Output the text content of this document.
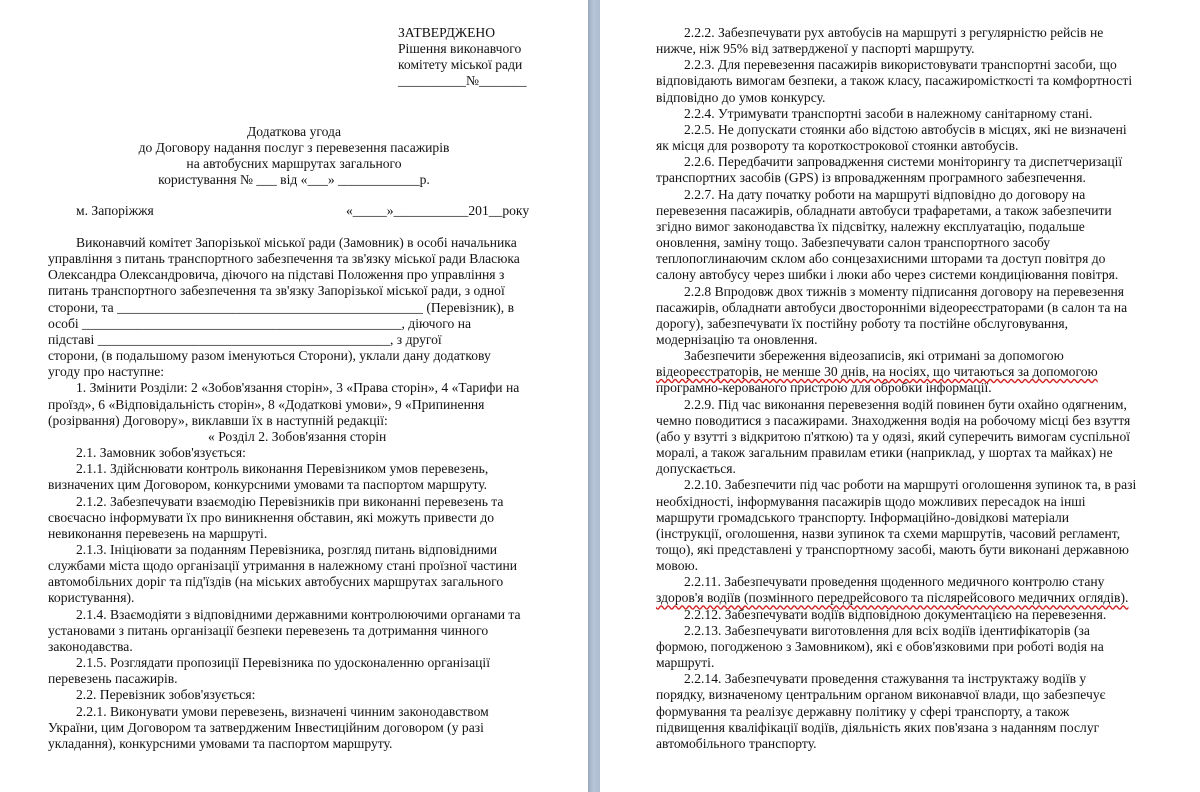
ЗАТВЕРДЖЕНО
Рішення виконавчого
комітету міської ради
__________№_______
Додаткова угода
до Договору надання послуг з перевезення пасажирів
на автобусних маршрутах загального
користування № ___ від «___» ____________р.
м. Запоріжжя	«_____»___________201__року
Виконавчий комітет Запорізької міської ради (Замовник) в особі начальника
управління з питань транспортного забезпечення та зв'язку міської ради Власюка
Олександра Олександровича, діючого на підставі Положення про управління з
питань транспортного забезпечення та зв'язку Запорізької міської ради, з одної
сторони, та _____________________________________________ (Перевізник), в
особі _______________________________________________, діючого на
підставі ___________________________________________, з другої
сторони, (в подальшому разом іменуються Сторони), уклали дану додаткову
угоду про наступне:
1. Змінити Розділи: 2 «Зобов'язання сторін», 3 «Права сторін», 4 «Тарифи на
проїзд», 6 «Відповідальність сторін», 8 «Додаткові умови», 9 «Припинення
(розірвання) Договору», виклавши їх в наступній редакції:
« Розділ 2. Зобов'язання сторін
2.1. Замовник зобов'язується:
2.1.1. Здійснювати контроль виконання Перевізником умов перевезень,
визначених цим Договором, конкурсними умовами та паспортом маршруту.
2.1.2. Забезпечувати взаємодію Перевізників при виконанні перевезень та
своєчасно інформувати їх про виникнення обставин, які можуть привести до
невиконання перевезень на маршруті.
2.1.3. Ініціювати за поданням Перевізника, розгляд питань відповідними
службами міста щодо організації утримання в належному стані проїзної частини
автомобільних доріг та під'їздів (на міських автобусних маршрутах загального
користування).
2.1.4. Взаємодіяти з відповідними державними контролюючими органами та
установами з питань організації безпеки перевезень та дотримання чинного
законодавства.
2.1.5. Розглядати пропозиції Перевізника по удосконаленню організації
перевезень пасажирів.
2.2. Перевізник зобов'язується:
2.2.1. Виконувати умови перевезень, визначені чинним законодавством
України, цим Договором та затвердженим Інвестиційним договором (у разі
укладання), конкурсними умовами та паспортом маршруту.
2.2.2. Забезпечувати рух автобусів на маршруті з регулярністю рейсів не
нижче, ніж 95% від затвердженої у паспорті маршруту.
2.2.3. Для перевезення пасажирів використовувати транспортні засоби, що
відповідають вимогам безпеки, а також класу, пасажиромісткості та комфортності
відповідно до умов конкурсу.
2.2.4. Утримувати транспортні засоби в належному санітарному стані.
2.2.5. Не допускати стоянки або відстою автобусів в місцях, які не визначені
як місця для розвороту та короткострокової стоянки автобусів.
2.2.6. Передбачити запровадження системи моніторингу та диспетчеризації
транспортних засобів (GPS) із впровадженням програмного забезпечення.
2.2.7. На дату початку роботи на маршруті відповідно до договору на
перевезення пасажирів, обладнати автобуси трафаретами, а також забезпечити
згідно вимог законодавства їх підсвітку, належну експлуатацію, подальше
оновлення, заміну тощо. Забезпечувати салон транспортного засобу
теплопоглинаючим склом або сонцезахисними шторами та доступ повітря до
салону автобусу через шибки і люки або через системи кондиціювання повітря.
2.2.8 Впродовж двох тижнів з моменту підписання договору на перевезення
пасажирів, обладнати автобуси двосторонніми відеореєстраторами (в салон та на
дорогу), забезпечувати їх постійну роботу та постійне обслуговування,
модернізацію та оновлення.
Забезпечити збереження відеозаписів, які отримані за допомогою
відеореєстраторів, не менше 30 днів, на носіях, що читаються за допомогою
програмно-керованого пристрою для обробки інформації.
2.2.9. Під час виконання перевезення водій повинен бути охайно одягненим,
чемно поводитися з пасажирами. Знаходження водія на робочому місці без взуття
(або у взутті з відкритою п'яткою) та у одязі, який суперечить вимогам суспільної
моралі, а також загальним правилам етики (наприклад, у шортах та майках) не
допускається.
2.2.10. Забезпечити під час роботи на маршруті оголошення зупинок та, в разі
необхідності, інформування пасажирів щодо можливих пересадок на інші
маршрути громадського транспорту. Інформаційно-довідкові матеріали
(інструкції, оголошення, назви зупинок та схеми маршрутів, часовий регламент,
тощо), які представлені у транспортному засобі, мають бути виконані державною
мовою.
2.2.11. Забезпечувати проведення щоденного медичного контролю стану
здоров'я водіїв (позмінного передрейсового та післярейсового медичних оглядів).
2.2.12. Забезпечувати водіїв відповідною документацією на перевезення.
2.2.13. Забезпечувати виготовлення для всіх водіїв ідентифікаторів (за
формою, погодженою з Замовником), які є обов'язковими при роботі водія на
маршруті.
2.2.14. Забезпечувати проведення стажування та інструктажу водіїв у
порядку, визначеному центральним органом виконавчої влади, що забезпечує
формування та реалізує державну політику у сфері транспорту, а також
підвищення кваліфікації водіїв, діяльність яких пов'язана з наданням послуг
автомобільного транспорту.
